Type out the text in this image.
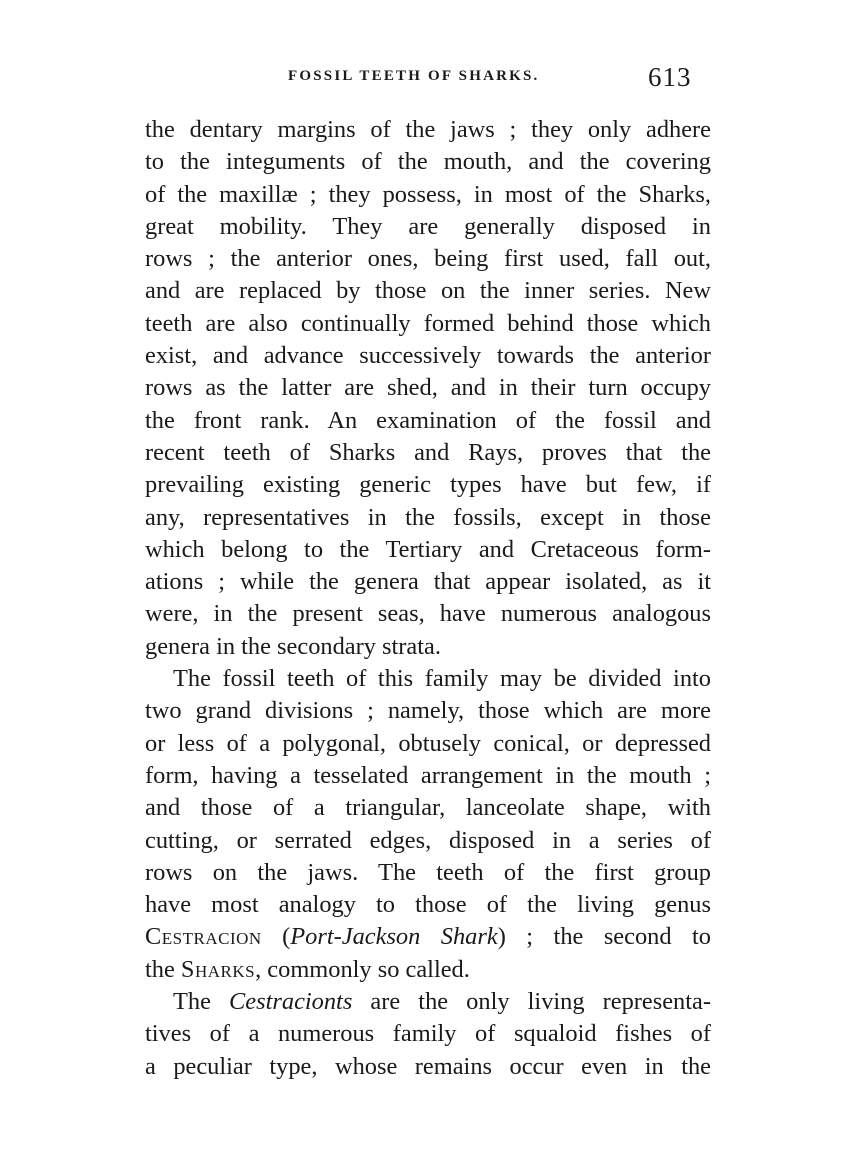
FOSSIL TEETH OF SHARKS.	613
the dentary margins of the jaws ; they only adhere
to the integuments of the mouth, and the covering
of the maxillæ ; they possess, in most of the Sharks,
great mobility. They are generally disposed in
rows ; the anterior ones, being first used, fall out,
and are replaced by those on the inner series. New
teeth are also continually formed behind those which
exist, and advance successively towards the anterior
rows as the latter are shed, and in their turn occupy
the front rank. An examination of the fossil and
recent teeth of Sharks and Rays, proves that the
prevailing existing generic types have but few, if
any, representatives in the fossils, except in those
which belong to the Tertiary and Cretaceous form-
ations ; while the genera that appear isolated, as it
were, in the present seas, have numerous analogous
genera in the secondary strata.
The fossil teeth of this family may be divided into
two grand divisions ; namely, those which are more
or less of a polygonal, obtusely conical, or depressed
form, having a tesselated arrangement in the mouth ;
and those of a triangular, lanceolate shape, with
cutting, or serrated edges, disposed in a series of
rows on the jaws. The teeth of the first group
have most analogy to those of the living genus
Cestracion (Port-Jackson Shark) ; the second to
the Sharks, commonly so called.
The Cestracionts are the only living representa-
tives of a numerous family of squaloid fishes of
a peculiar type, whose remains occur even in the
